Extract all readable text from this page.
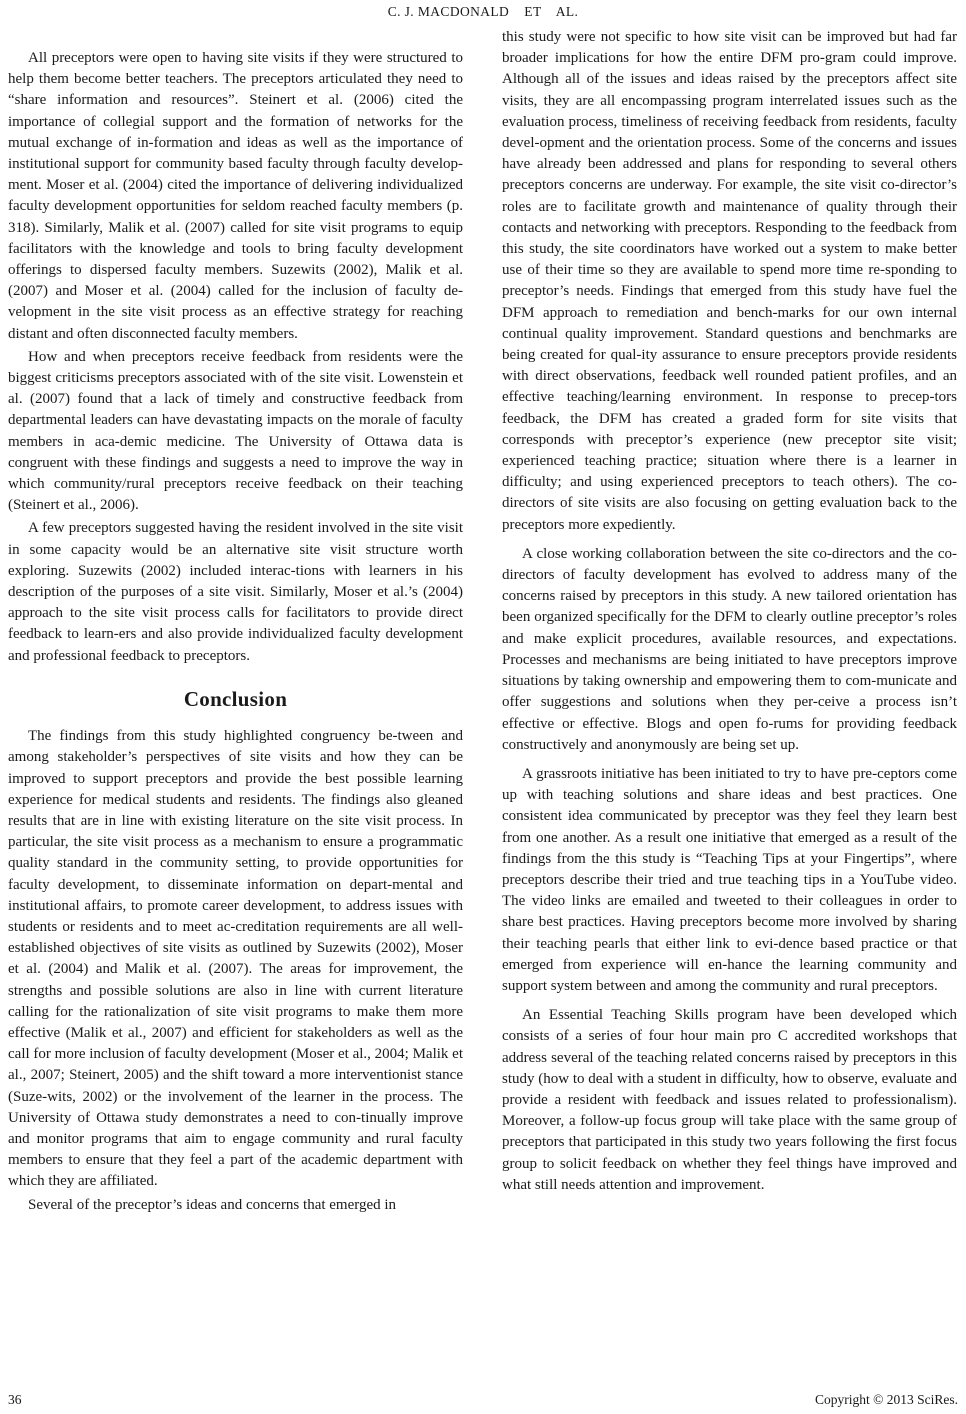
C. J. MACDONALD    ET    AL.

All preceptors were open to having site visits if they were structured to help them become better teachers. The preceptors articulated they need to “share information and resources”. Steinert et al. (2006) cited the importance of collegial support and the formation of networks for the mutual exchange of in-formation and ideas as well as the importance of institutional support for community based faculty through faculty develop-ment. Moser et al. (2004) cited the importance of delivering individualized faculty development opportunities for seldom reached faculty members (p. 318). Similarly, Malik et al. (2007) called for site visit programs to equip facilitators with the knowledge and tools to bring faculty development offerings to dispersed faculty members. Suzewits (2002), Malik et al. (2007) and Moser et al. (2004) called for the inclusion of faculty de-velopment in the site visit process as an effective strategy for reaching distant and often disconnected faculty members.

How and when preceptors receive feedback from residents were the biggest criticisms preceptors associated with of the site visit. Lowenstein et al. (2007) found that a lack of timely and constructive feedback from departmental leaders can have devastating impacts on the morale of faculty members in aca-demic medicine. The University of Ottawa data is congruent with these findings and suggests a need to improve the way in which community/rural preceptors receive feedback on their teaching (Steinert et al., 2006).

A few preceptors suggested having the resident involved in the site visit in some capacity would be an alternative site visit structure worth exploring. Suzewits (2002) included interac-tions with learners in his description of the purposes of a site visit. Similarly, Moser et al.’s (2004) approach to the site visit process calls for facilitators to provide direct feedback to learn-ers and also provide individualized faculty development and professional feedback to preceptors.

Conclusion

The findings from this study highlighted congruency be-tween and among stakeholder’s perspectives of site visits and how they can be improved to support preceptors and provide the best possible learning experience for medical students and residents. The findings also gleaned results that are in line with existing literature on the site visit process. In particular, the site visit process as a mechanism to ensure a programmatic quality standard in the community setting, to provide opportunities for faculty development, to disseminate information on depart-mental and institutional affairs, to promote career development, to address issues with students or residents and to meet ac-creditation requirements are all well-established objectives of site visits as outlined by Suzewits (2002), Moser et al. (2004) and Malik et al. (2007). The areas for improvement, the strengths and possible solutions are also in line with current literature calling for the rationalization of site visit programs to make them more effective (Malik et al., 2007) and efficient for stakeholders as well as the call for more inclusion of faculty development (Moser et al., 2004; Malik et al., 2007; Steinert, 2005) and the shift toward a more interventionist stance (Suze-wits, 2002) or the involvement of the learner in the process. The University of Ottawa study demonstrates a need to con-tinually improve and monitor programs that aim to engage community and rural faculty members to ensure that they feel a part of the academic department with which they are affiliated.

Several of the preceptor’s ideas and concerns that emerged in

this study were not specific to how site visit can be improved but had far broader implications for how the entire DFM pro-gram could improve. Although all of the issues and ideas raised by the preceptors affect site visits, they are all encompassing program interrelated issues such as the evaluation process, timeliness of receiving feedback from residents, faculty devel-opment and the orientation process. Some of the concerns and issues have already been addressed and plans for responding to several others preceptors concerns are underway. For example, the site visit co-director’s roles are to facilitate growth and maintenance of quality through their contacts and networking with preceptors. Responding to the feedback from this study, the site coordinators have worked out a system to make better use of their time so they are available to spend more time re-sponding to preceptor’s needs. Findings that emerged from this study have fuel the DFM approach to remediation and bench-marks for our own internal continual quality improvement. Standard questions and benchmarks are being created for qual-ity assurance to ensure preceptors provide residents with direct observations, feedback well rounded patient profiles, and an effective teaching/learning environment. In response to precep-tors feedback, the DFM has created a graded form for site visits that corresponds with preceptor’s experience (new preceptor site visit; experienced teaching practice; situation where there is a learner in difficulty; and using experienced preceptors to teach others). The co-directors of site visits are also focusing on getting evaluation back to the preceptors more expediently.

A close working collaboration between the site co-directors and the co-directors of faculty development has evolved to address many of the concerns raised by preceptors in this study. A new tailored orientation has been organized specifically for the DFM to clearly outline preceptor’s roles and make explicit procedures, available resources, and expectations. Processes and mechanisms are being initiated to have preceptors improve situations by taking ownership and empowering them to com-municate and offer suggestions and solutions when they per-ceive a process isn’t effective or effective. Blogs and open fo-rums for providing feedback constructively and anonymously are being set up.

A grassroots initiative has been initiated to try to have pre-ceptors come up with teaching solutions and share ideas and best practices. One consistent idea communicated by preceptor was they feel they learn best from one another. As a result one initiative that emerged as a result of the findings from the this study is “Teaching Tips at your Fingertips”, where preceptors describe their tried and true teaching tips in a YouTube video. The video links are emailed and tweeted to their colleagues in order to share best practices. Having preceptors become more involved by sharing their teaching pearls that either link to evi-dence based practice or that emerged from experience will en-hance the learning community and support system between and among the community and rural preceptors.

An Essential Teaching Skills program have been developed which consists of a series of four hour main pro C accredited workshops that address several of the teaching related concerns raised by preceptors in this study (how to deal with a student in difficulty, how to observe, evaluate and provide a resident with feedback and issues related to professionalism). Moreover, a follow-up focus group will take place with the same group of preceptors that participated in this study two years following the first focus group to solicit feedback on whether they feel things have improved and what still needs attention and improvement.

36	Copyright © 2013 SciRes.
